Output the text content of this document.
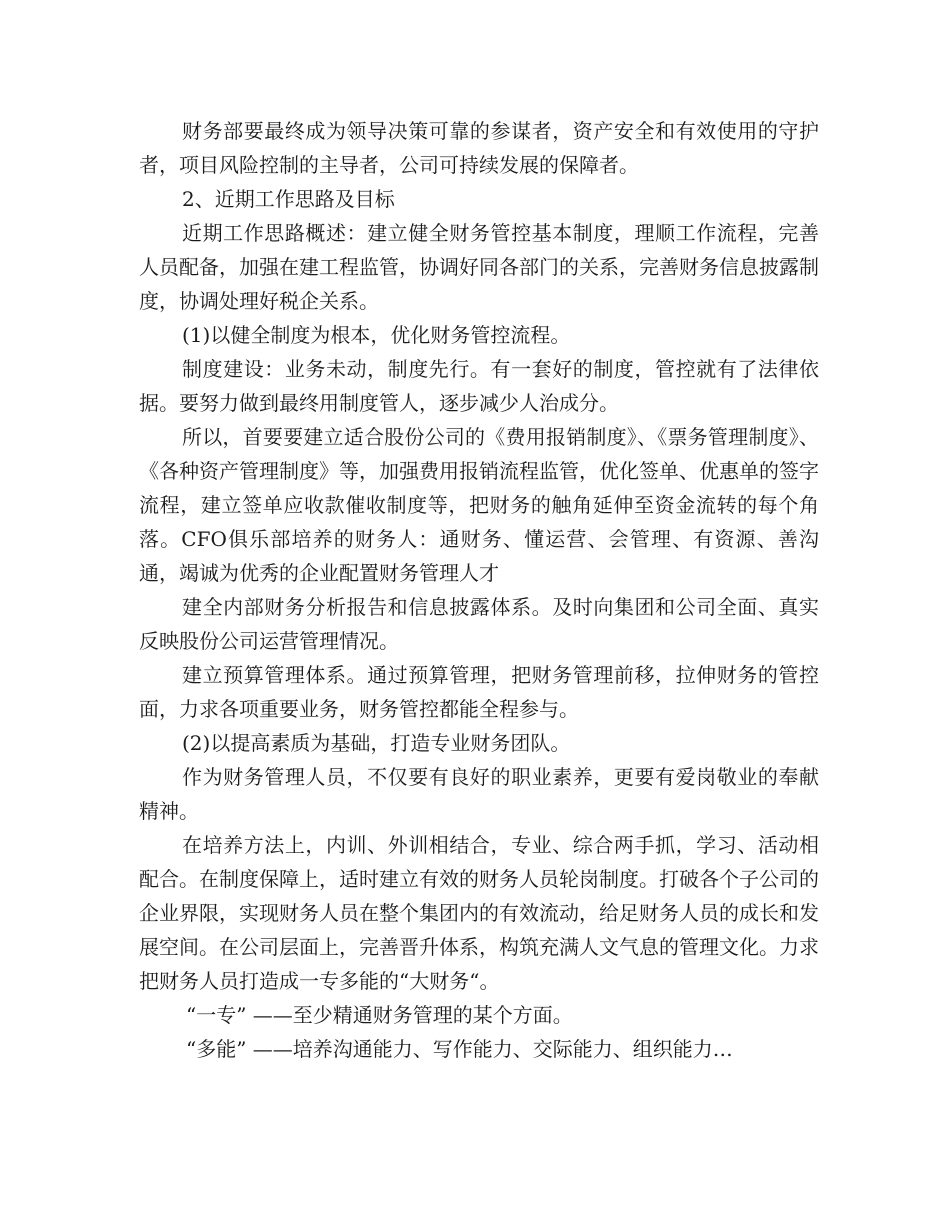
财务部要最终成为领导决策可靠的参谋者，资产安全和有效使用的守护者，项目风险控制的主导者，公司可持续发展的保障者。

2、近期工作思路及目标

近期工作思路概述：建立健全财务管控基本制度，理顺工作流程，完善人员配备，加强在建工程监管，协调好同各部门的关系，完善财务信息披露制度，协调处理好税企关系。

(1)以健全制度为根本，优化财务管控流程。

制度建设：业务未动，制度先行。有一套好的制度，管控就有了法律依据。要努力做到最终用制度管人，逐步减少人治成分。

所以，首要要建立适合股份公司的《费用报销制度》、《票务管理制度》、《各种资产管理制度》等，加强费用报销流程监管，优化签单、优惠单的签字流程，建立签单应收款催收制度等，把财务的触角延伸至资金流转的每个角落。CFO俱乐部培养的财务人：通财务、懂运营、会管理、有资源、善沟通，竭诚为优秀的企业配置财务管理人才

建全内部财务分析报告和信息披露体系。及时向集团和公司全面、真实反映股份公司运营管理情况。

建立预算管理体系。通过预算管理，把财务管理前移，拉伸财务的管控面，力求各项重要业务，财务管控都能全程参与。

(2)以提高素质为基础，打造专业财务团队。

作为财务管理人员，不仅要有良好的职业素养，更要有爱岗敬业的奉献精神。

在培养方法上，内训、外训相结合，专业、综合两手抓，学习、活动相配合。在制度保障上，适时建立有效的财务人员轮岗制度。打破各个子公司的企业界限，实现财务人员在整个集团内的有效流动，给足财务人员的成长和发展空间。在公司层面上，完善晋升体系，构筑充满人文气息的管理文化。力求把财务人员打造成一专多能的“大财务“。

“一专” ——至少精通财务管理的某个方面。

“多能” ——培养沟通能力、写作能力、交际能力、组织能力…
